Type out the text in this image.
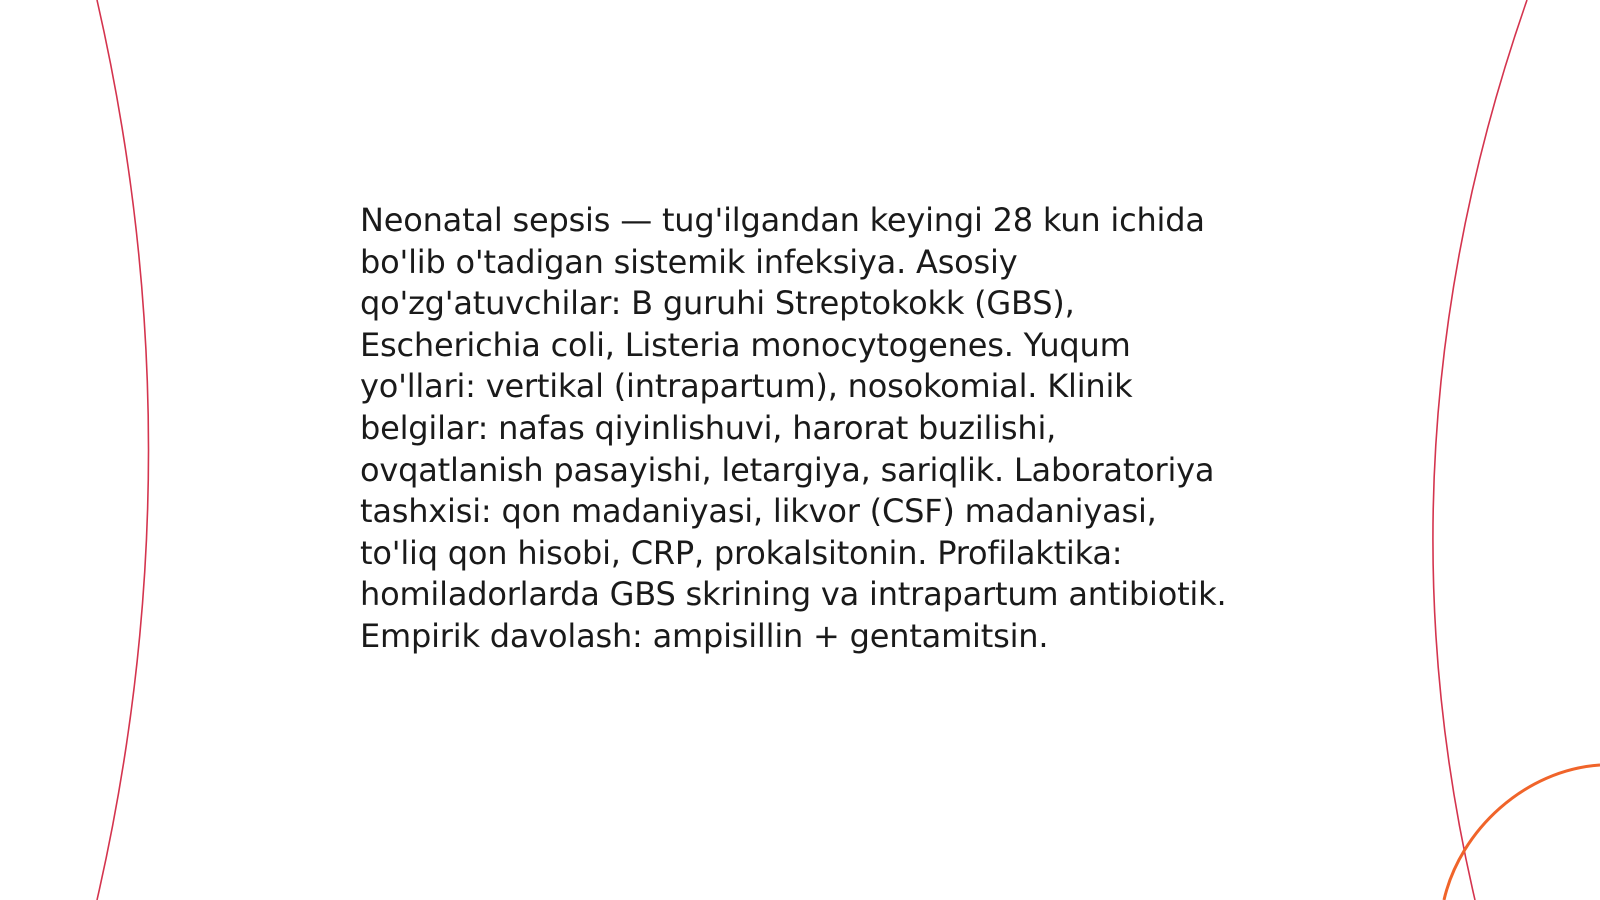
Neonatal sepsis — tug'ilgandan keyingi 28 kun ichida bo'lib o'tadigan sistemik infeksiya. Asosiy qo'zg'atuvchilar: B guruhi Streptokokk (GBS), Escherichia coli, Listeria monocytogenes. Yuqum yo'llari: vertikal (intrapartum), nosokomial. Klinik belgilar: nafas qiyinlishuvi, harorat buzilishi, ovqatlanish pasayishi, letargiya, sariqlik. Laboratoriya tashxisi: qon madaniyasi, likvor (CSF) madaniyasi, to'liq qon hisobi, CRP, prokalsitonin. Profilaktika: homiladorlarda GBS skrining va intrapartum antibiotik. Empirik davolash: ampisillin + gentamitsin.
